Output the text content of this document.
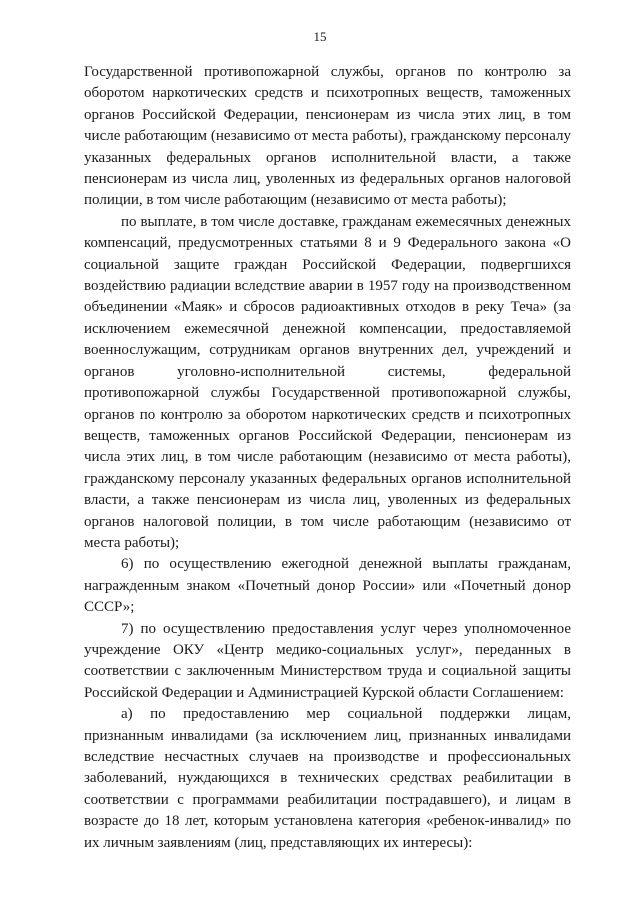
15

Государственной противопожарной службы, органов по контролю за оборотом наркотических средств и психотропных веществ, таможенных органов Российской Федерации, пенсионерам из числа этих лиц, в том числе работающим (независимо от места работы), гражданскому персоналу указанных федеральных органов исполнительной власти, а также пенсионерам из числа лиц, уволенных из федеральных органов налоговой полиции, в том числе работающим (независимо от места работы);

по выплате, в том числе доставке, гражданам ежемесячных денежных компенсаций, предусмотренных статьями 8 и 9 Федерального закона «О социальной защите граждан Российской Федерации, подвергшихся воздействию радиации вследствие аварии в 1957 году на производственном объединении «Маяк» и сбросов радиоактивных отходов в реку Теча» (за исключением ежемесячной денежной компенсации, предоставляемой военнослужащим, сотрудникам органов внутренних дел, учреждений и органов уголовно-исполнительной системы, федеральной противопожарной службы Государственной противопожарной службы, органов по контролю за оборотом наркотических средств и психотропных веществ, таможенных органов Российской Федерации, пенсионерам из числа этих лиц, в том числе работающим (независимо от места работы), гражданскому персоналу указанных федеральных органов исполнительной власти, а также пенсионерам из числа лиц, уволенных из федеральных органов налоговой полиции, в том числе работающим (независимо от места работы);

6) по осуществлению ежегодной денежной выплаты гражданам, награжденным знаком «Почетный донор России» или «Почетный донор СССР»;

7) по осуществлению предоставления услуг через уполномоченное учреждение ОКУ «Центр медико-социальных услуг», переданных в соответствии с заключенным Министерством труда и социальной защиты Российской Федерации и Администрацией Курской области Соглашением:

а) по предоставлению мер социальной поддержки лицам, признанным инвалидами (за исключением лиц, признанных инвалидами вследствие несчастных случаев на производстве и профессиональных заболеваний, нуждающихся в технических средствах реабилитации в соответствии с программами реабилитации пострадавшего), и лицам в возрасте до 18 лет, которым установлена категория «ребенок-инвалид» по их личным заявлениям (лиц, представляющих их интересы):
